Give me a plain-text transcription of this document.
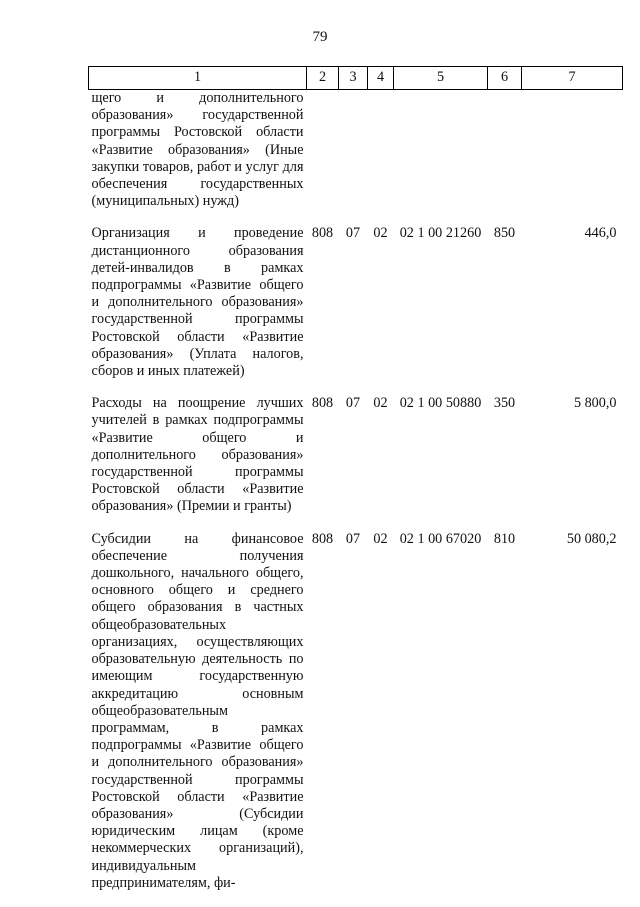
79
1	2	3	4	5	6	7
щего и дополнительного образования» государственной программы Ростовской области «Развитие образования» (Иные закупки товаров, работ и услуг для обеспечения государственных (муниципальных) нужд)						
Организация и проведение дистанционного образования детей-инвалидов в рамках подпрограммы «Развитие общего и дополнительного образования» государственной программы Ростовской области «Развитие образования» (Уплата налогов, сборов и иных платежей)	808	07	02	02 1 00 21260	850	446,0
Расходы на поощрение лучших учителей в рамках подпрограммы «Развитие общего и дополнительного образования» государственной программы Ростовской области «Развитие образования» (Премии и гранты)	808	07	02	02 1 00 50880	350	5 800,0
Субсидии на финансовое обеспечение получения дошкольного, начального общего, основного общего и среднего общего образования в частных общеобразовательных организациях, осуществляющих образовательную деятельность по имеющим государственную аккредитацию основным общеобразовательным программам, в рамках подпрограммы «Развитие общего и дополнительного образования» государственной программы Ростовской области «Развитие образования» (Субсидии юридическим лицам (кроме некоммерческих организаций), индивидуальным предпринимателям, фи-	808	07	02	02 1 00 67020	810	50 080,2
